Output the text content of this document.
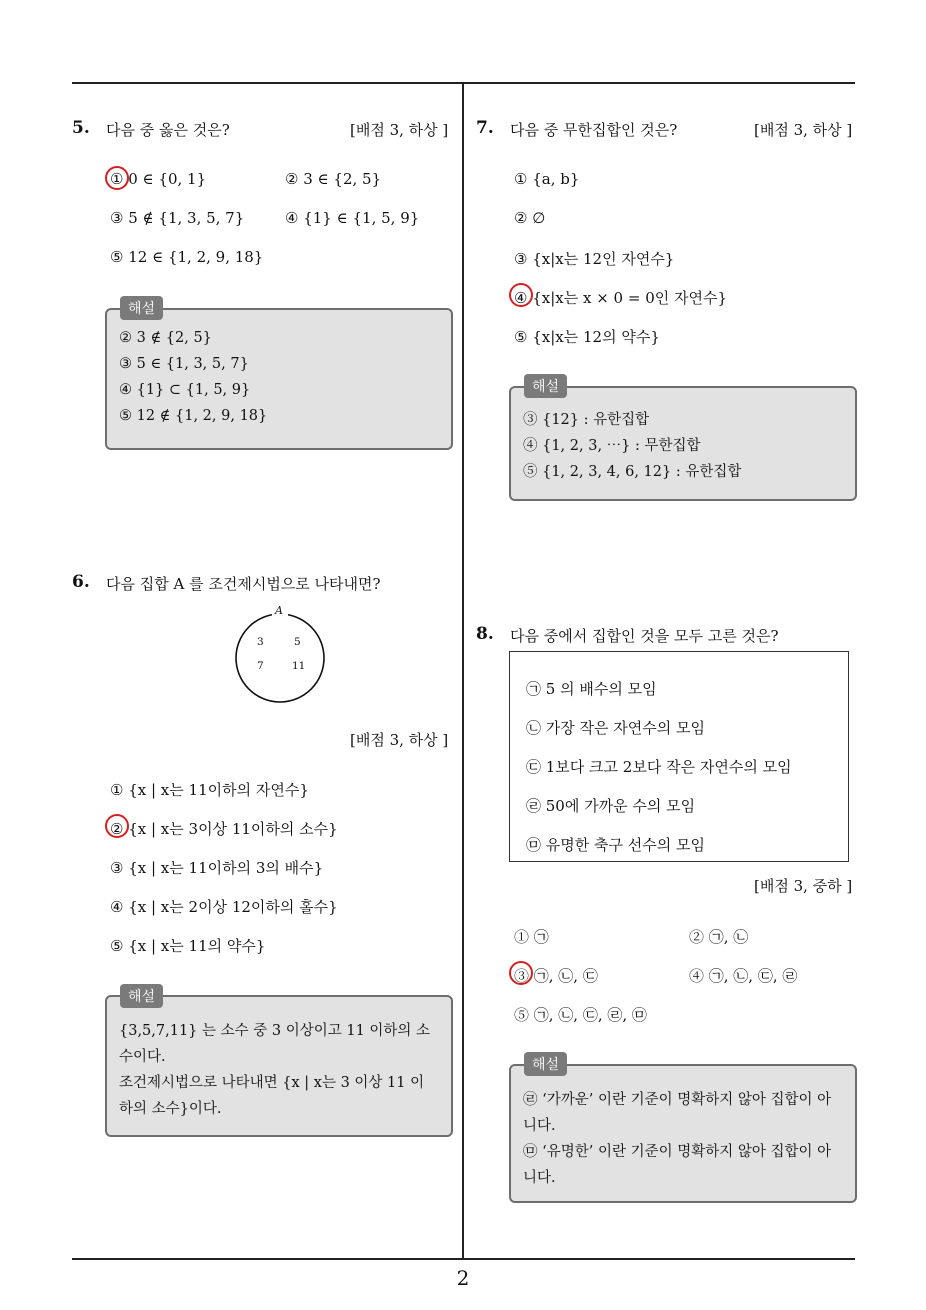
5. 다음 중 옳은 것은?	[배점 3, 하상 ]
① 0 ∈ {0, 1}	② 3 ∈ {2, 5}
③ 5 ∉ {1, 3, 5, 7}	④ {1} ∈ {1, 5, 9}
⑤ 12 ∈ {1, 2, 9, 18}
② 3 ∉ {2, 5}
③ 5 ∈ {1, 3, 5, 7}
④ {1} ⊂ {1, 5, 9}
⑤ 12 ∉ {1, 2, 9, 18}
해설
6. 다음 집합 A 를 조건제시법으로 나타내면?
A
3	5
7	11
[배점 3, 하상 ]
① {x | x는 11이하의 자연수}
② {x | x는 3이상 11이하의 소수}
③ {x | x는 11이하의 3의 배수}
④ {x | x는 2이상 12이하의 홀수}
⑤ {x | x는 11의 약수}
{3,5,7,11} 는 소수 중 3 이상이고 11 이하의 소
수이다.
조건제시법으로 나타내면 {x | x는 3 이상 11 이
하의 소수}이다.
해설
7. 다음 중 무한집합인 것은?	[배점 3, 하상 ]
① {a, b}
② ∅
③ {x|x는 12인 자연수}
④ {x|x는 x × 0 = 0인 자연수}
⑤ {x|x는 12의 약수}
③ {12} : 유한집합
④ {1, 2, 3, ⋯} : 무한집합
⑤ {1, 2, 3, 4, 6, 12} : 유한집합
해설
8. 다음 중에서 집합인 것을 모두 고른 것은?
㉠ 5 의 배수의 모임
㉡ 가장 작은 자연수의 모임
㉢ 1보다 크고 2보다 작은 자연수의 모임
㉣ 50에 가까운 수의 모임
㉤ 유명한 축구 선수의 모임
[배점 3, 중하 ]
① ㉠	② ㉠, ㉡
③ ㉠, ㉡, ㉢	④ ㉠, ㉡, ㉢, ㉣
⑤ ㉠, ㉡, ㉢, ㉣, ㉤
㉣ ‘가까운’ 이란 기준이 명확하지 않아 집합이 아
니다.
㉤ ‘유명한’ 이란 기준이 명확하지 않아 집합이 아
니다.
해설
2
